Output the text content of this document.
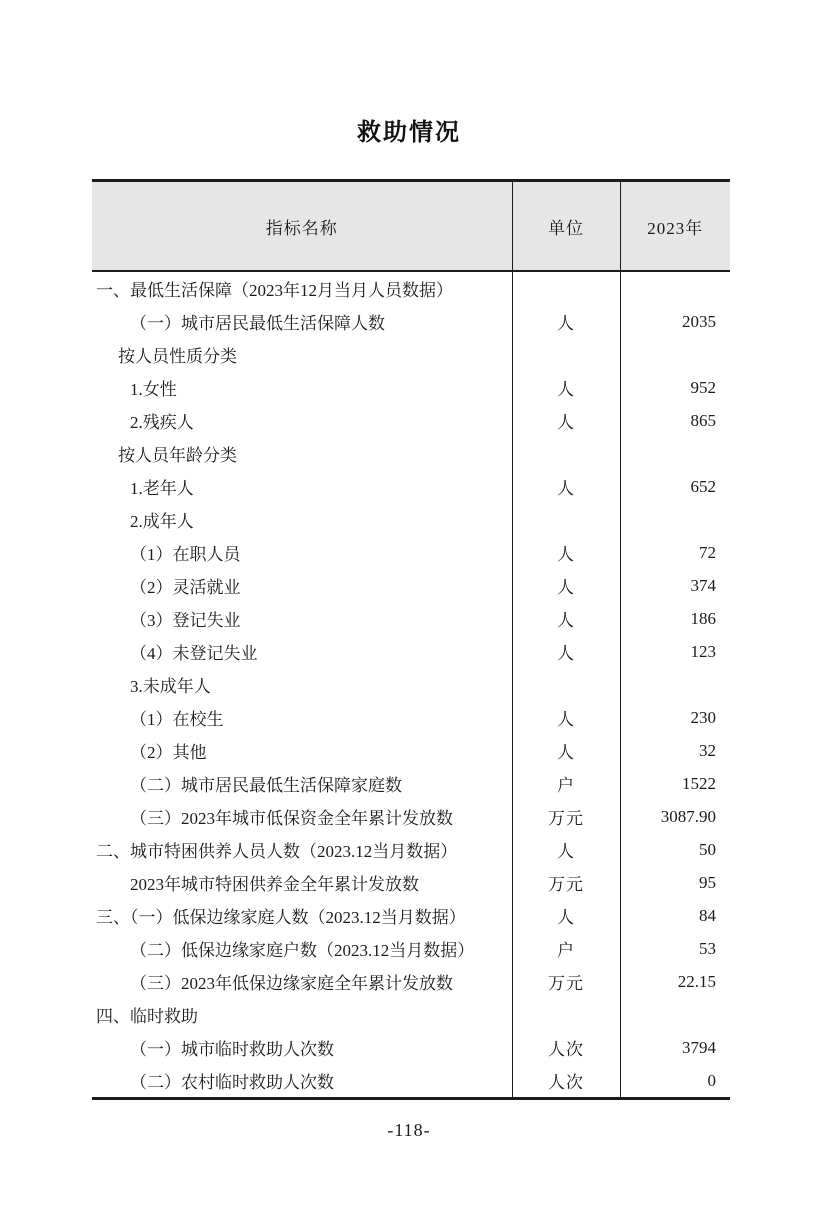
救助情况
指标名称	单位	2023年
一、最低生活保障（2023年12月当月人员数据）		
（一）城市居民最低生活保障人数	人	2035
按人员性质分类		
1.女性	人	952
2.残疾人	人	865
按人员年龄分类		
1.老年人	人	652
2.成年人		
（1）在职人员	人	72
（2）灵活就业	人	374
（3）登记失业	人	186
（4）未登记失业	人	123
3.未成年人		
（1）在校生	人	230
（2）其他	人	32
（二）城市居民最低生活保障家庭数	户	1522
（三）2023年城市低保资金全年累计发放数	万元	3087.90
二、城市特困供养人员人数（2023.12当月数据）	人	50
2023年城市特困供养金全年累计发放数	万元	95
三、（一）低保边缘家庭人数（2023.12当月数据）	人	84
（二）低保边缘家庭户数（2023.12当月数据）	户	53
（三）2023年低保边缘家庭全年累计发放数	万元	22.15
四、临时救助		
（一）城市临时救助人次数	人次	3794
（二）农村临时救助人次数	人次	0
-118-
